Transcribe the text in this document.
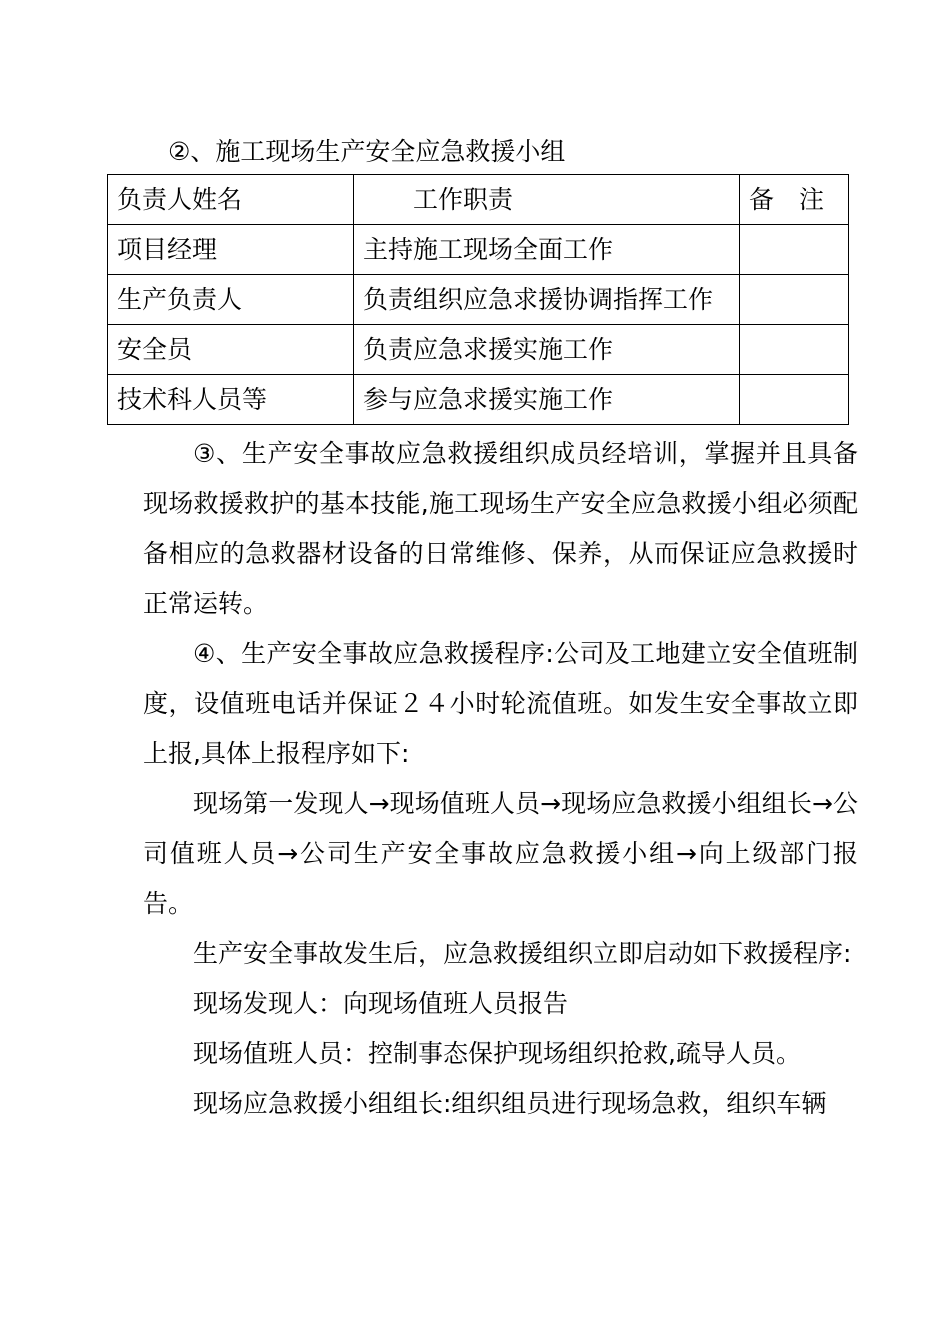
②、施工现场生产安全应急救援小组
负责人姓名	工作职责	备　注
项目经理	主持施工现场全面工作	
生产负责人	负责组织应急求援协调指挥工作	
安全员	负责应急求援实施工作	
技术科人员等	参与应急求援实施工作	

③、生产安全事故应急救援组织成员经培训，掌握并且具备现场救援救护的基本技能,施工现场生产安全应急救援小组必须配备相应的急救器材设备的日常维修、保养，从而保证应急救援时正常运转。

④、生产安全事故应急救援程序:公司及工地建立安全值班制度，设值班电话并保证２４小时轮流值班。如发生安全事故立即上报,具体上报程序如下:

现场第一发现人→现场值班人员→现场应急救援小组组长→公司值班人员→公司生产安全事故应急救援小组→向上级部门报告。

生产安全事故发生后，应急救援组织立即启动如下救援程序:

现场发现人：向现场值班人员报告

现场值班人员：控制事态保护现场组织抢救,疏导人员。

现场应急救援小组组长:组织组员进行现场急救，组织车辆
